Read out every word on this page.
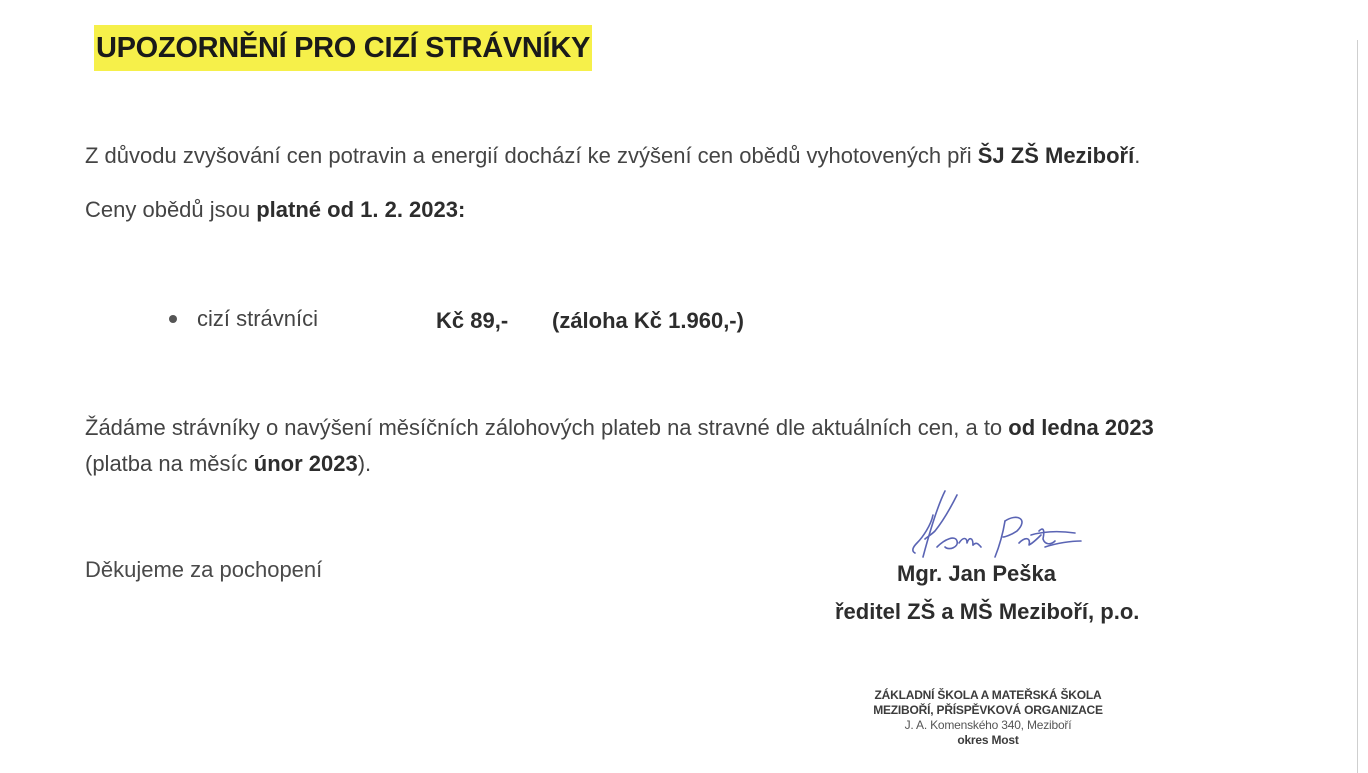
UPOZORNĚNÍ PRO CIZÍ STRÁVNÍKY
Z důvodu zvyšování cen potravin a energií dochází ke zvýšení cen obědů vyhotovených při ŠJ ZŠ Meziboří.
Ceny obědů jsou platné od 1. 2. 2023:
cizí strávníci	Kč 89,- (záloha Kč 1.960,-)
Žádáme strávníky o navýšení měsíčních zálohových plateb na stravné dle aktuálních cen, a to od ledna 2023
(platba na měsíc únor 2023).
Děkujeme za pochopení	Mgr. Jan Peška
ředitel ZŠ a MŠ Meziboří, p.o.
ZÁKLADNÍ ŠKOLA A MATEŘSKÁ ŠKOLA
MEZIBOŘÍ, PŘÍSPĚVKOVÁ ORGANIZACE
J. A. Komenského 340, Meziboří
okres Most
